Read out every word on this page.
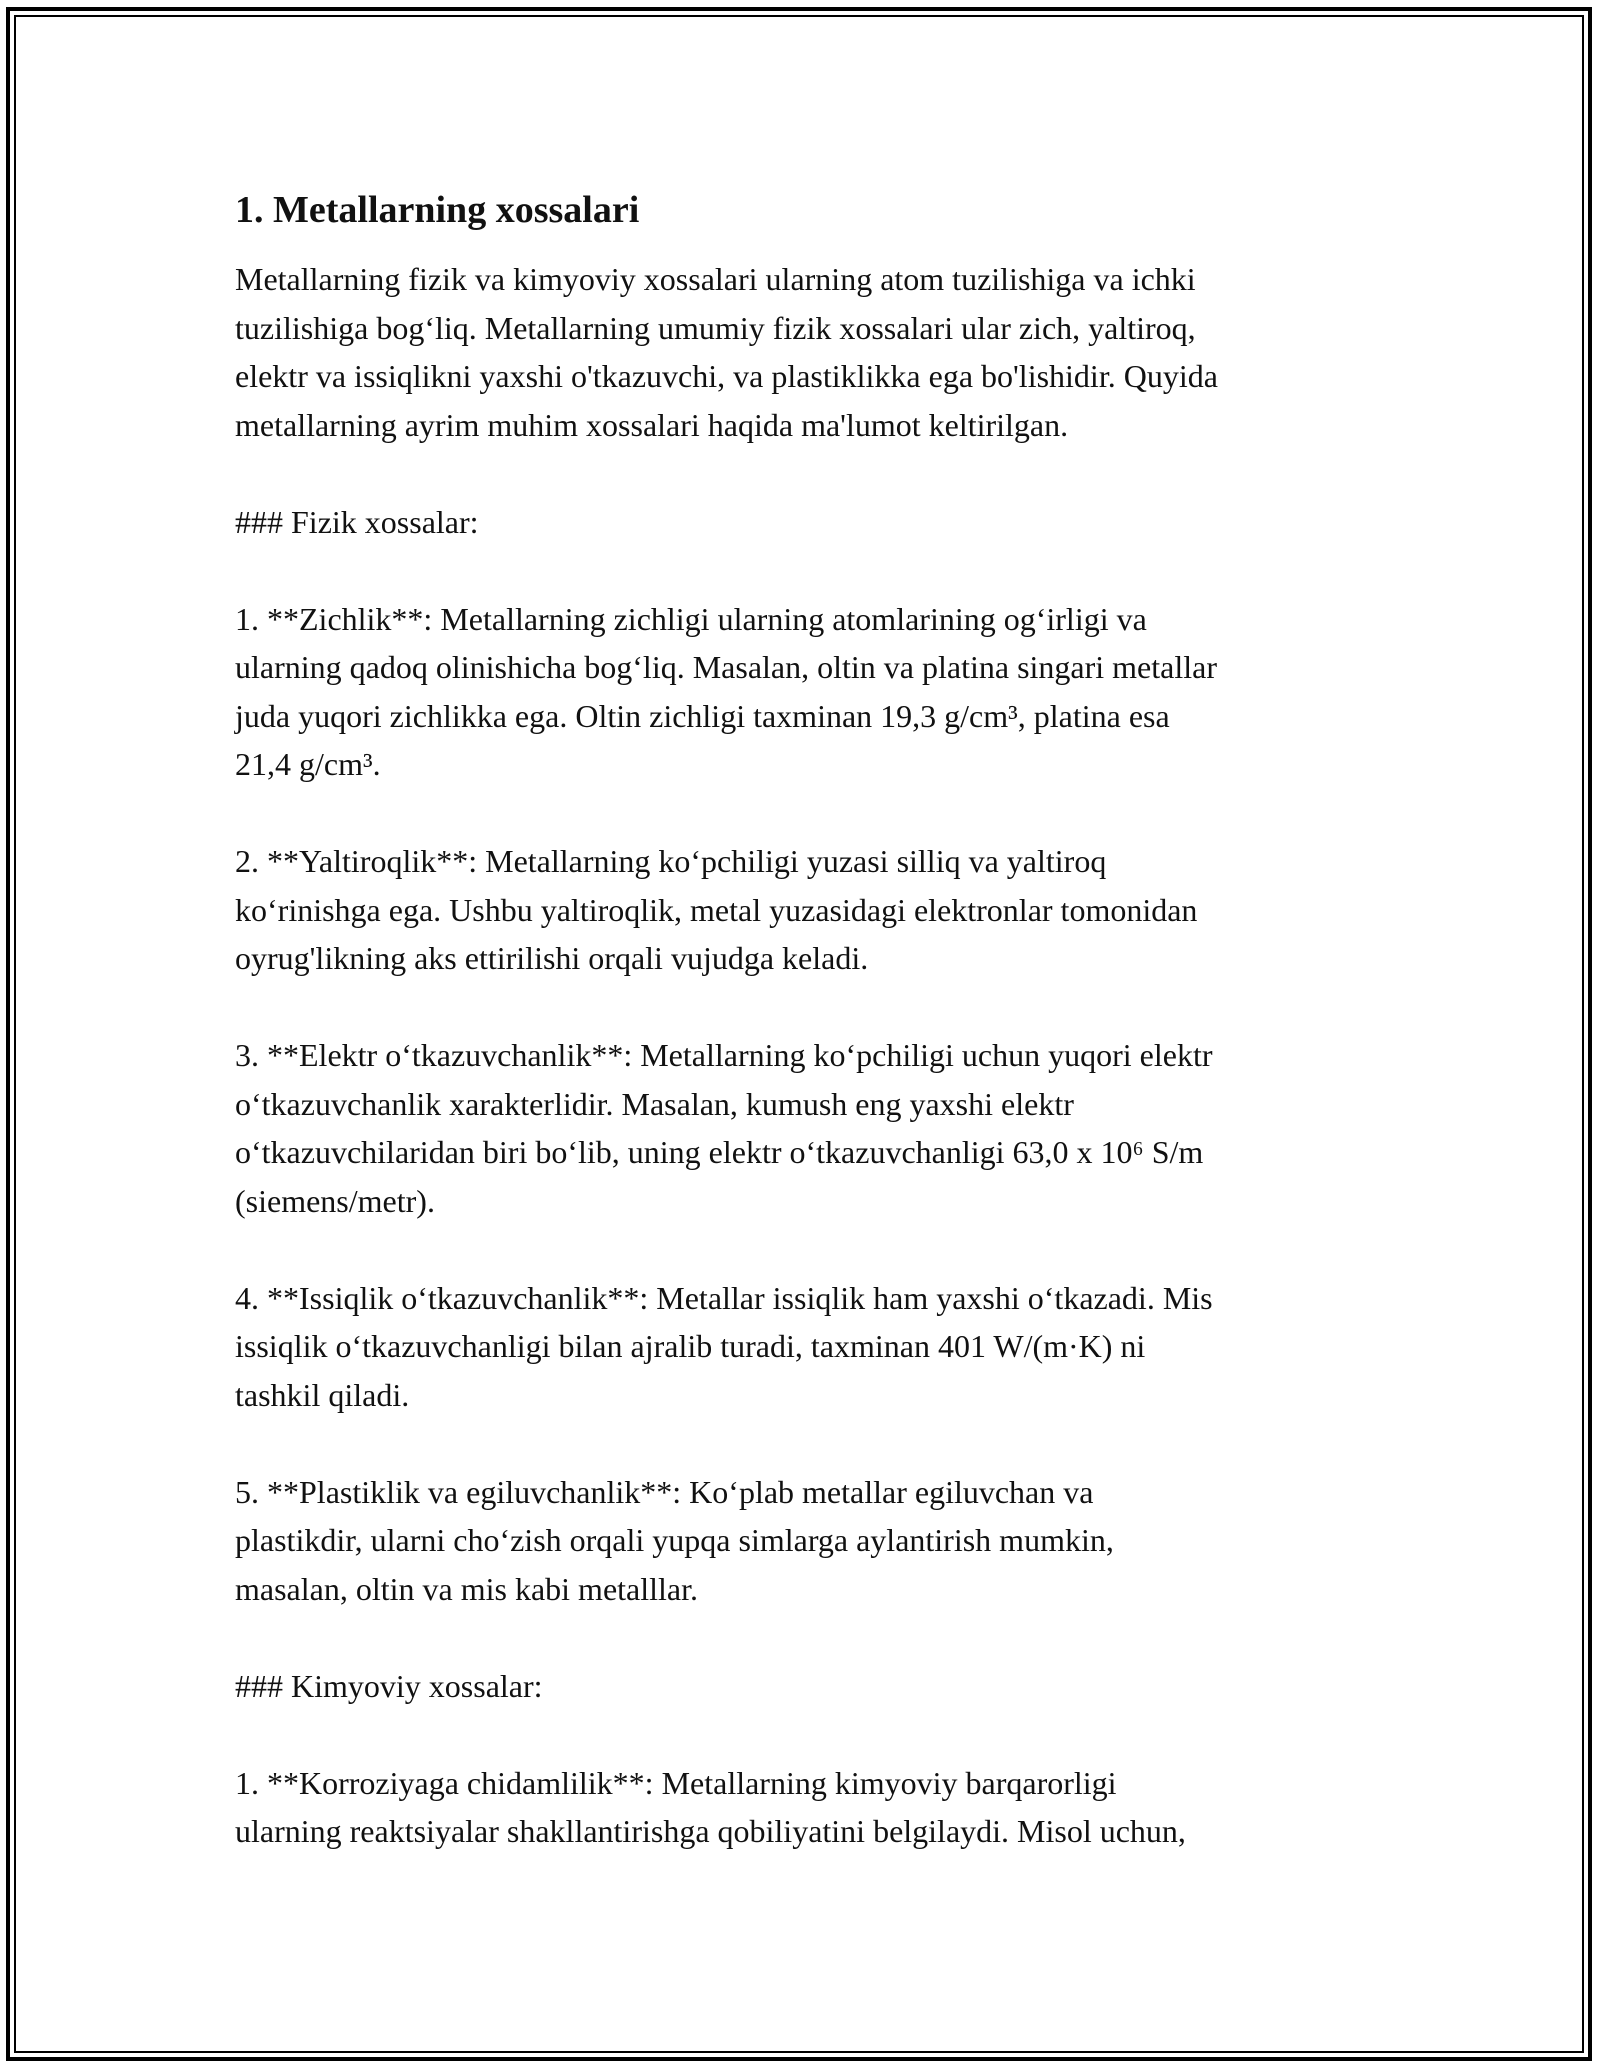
1. Metallarning xossalari
Metallarning fizik va kimyoviy xossalari ularning atom tuzilishiga va ichki
tuzilishiga bog‘liq. Metallarning umumiy fizik xossalari ular zich, yaltiroq,
elektr va issiqlikni yaxshi o'tkazuvchi, va plastiklikka ega bo'lishidir. Quyida
metallarning ayrim muhim xossalari haqida ma'lumot keltirilgan.
### Fizik xossalar:
1. **Zichlik**: Metallarning zichligi ularning atomlarining og‘irligi va
ularning qadoq olinishicha bog‘liq. Masalan, oltin va platina singari metallar
juda yuqori zichlikka ega. Oltin zichligi taxminan 19,3 g/cm³, platina esa
21,4 g/cm³.
2. **Yaltiroqlik**: Metallarning ko‘pchiligi yuzasi silliq va yaltiroq
ko‘rinishga ega. Ushbu yaltiroqlik, metal yuzasidagi elektronlar tomonidan
oyrug'likning aks ettirilishi orqali vujudga keladi.
3. **Elektr o‘tkazuvchanlik**: Metallarning ko‘pchiligi uchun yuqori elektr
o‘tkazuvchanlik xarakterlidir. Masalan, kumush eng yaxshi elektr
o‘tkazuvchilaridan biri bo‘lib, uning elektr o‘tkazuvchanligi 63,0 x 10⁶ S/m
(siemens/metr).
4. **Issiqlik o‘tkazuvchanlik**: Metallar issiqlik ham yaxshi o‘tkazadi. Mis
issiqlik o‘tkazuvchanligi bilan ajralib turadi, taxminan 401 W/(m·K) ni
tashkil qiladi.
5. **Plastiklik va egiluvchanlik**: Ko‘plab metallar egiluvchan va
plastikdir, ularni cho‘zish orqali yupqa simlarga aylantirish mumkin,
masalan, oltin va mis kabi metalllar.
### Kimyoviy xossalar:
1. **Korroziyaga chidamlilik**: Metallarning kimyoviy barqarorligi
ularning reaktsiyalar shakllantirishga qobiliyatini belgilaydi. Misol uchun,
